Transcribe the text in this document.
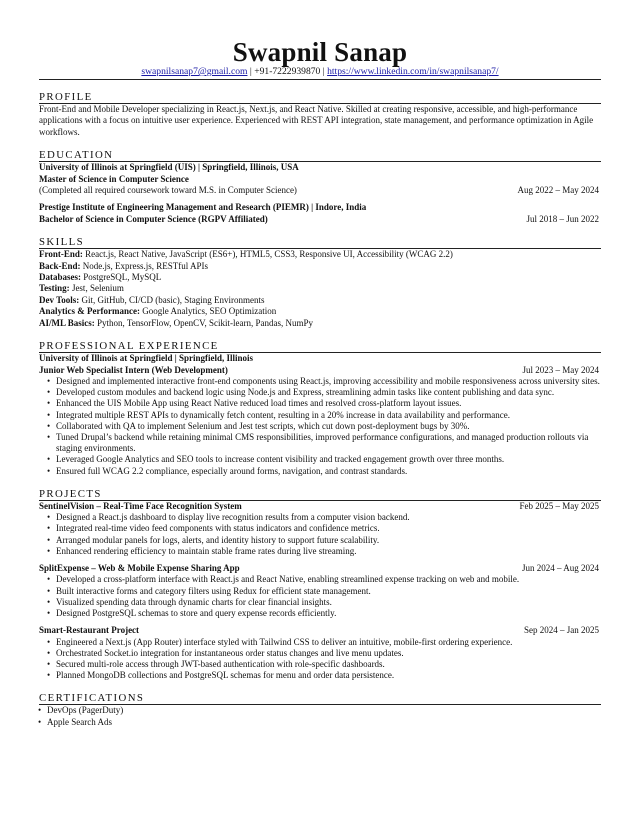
Swapnil Sanap
swapnilsanap7@gmail.com | +91-7222939870 | https://www.linkedin.com/in/swapnilsanap7/
PROFILE
Front-End and Mobile Developer specializing in React.js, Next.js, and React Native. Skilled at creating responsive, accessible, and high-performance applications with a focus on intuitive user experience. Experienced with REST API integration, state management, and performance optimization in Agile workflows.
EDUCATION
University of Illinois at Springfield (UIS) | Springfield, Illinois, USA
Master of Science in Computer Science
(Completed all required coursework toward M.S. in Computer Science)	Aug 2022 – May 2024
Prestige Institute of Engineering Management and Research (PIEMR) | Indore, India
Bachelor of Science in Computer Science (RGPV Affiliated)	Jul 2018 – Jun 2022
SKILLS
Front-End: React.js, React Native, JavaScript (ES6+), HTML5, CSS3, Responsive UI, Accessibility (WCAG 2.2)
Back-End: Node.js, Express.js, RESTful APIs
Databases: PostgreSQL, MySQL
Testing: Jest, Selenium
Dev Tools: Git, GitHub, CI/CD (basic), Staging Environments
Analytics & Performance: Google Analytics, SEO Optimization
AI/ML Basics: Python, TensorFlow, OpenCV, Scikit-learn, Pandas, NumPy
PROFESSIONAL EXPERIENCE
University of Illinois at Springfield | Springfield, Illinois
Junior Web Specialist Intern (Web Development)	Jul 2023 – May 2024
• Designed and implemented interactive front-end components using React.js, improving accessibility and mobile responsiveness across university sites.
• Developed custom modules and backend logic using Node.js and Express, streamlining admin tasks like content publishing and data sync.
• Enhanced the UIS Mobile App using React Native reduced load times and resolved cross-platform layout issues.
• Integrated multiple REST APIs to dynamically fetch content, resulting in a 20% increase in data availability and performance.
• Collaborated with QA to implement Selenium and Jest test scripts, which cut down post-deployment bugs by 30%.
• Tuned Drupal’s backend while retaining minimal CMS responsibilities, improved performance configurations, and managed production rollouts via staging environments.
• Leveraged Google Analytics and SEO tools to increase content visibility and tracked engagement growth over three months.
• Ensured full WCAG 2.2 compliance, especially around forms, navigation, and contrast standards.
PROJECTS
SentinelVision – Real-Time Face Recognition System	Feb 2025 – May 2025
• Designed a React.js dashboard to display live recognition results from a computer vision backend.
• Integrated real-time video feed components with status indicators and confidence metrics.
• Arranged modular panels for logs, alerts, and identity history to support future scalability.
• Enhanced rendering efficiency to maintain stable frame rates during live streaming.
SplitExpense – Web & Mobile Expense Sharing App	Jun 2024 – Aug 2024
• Developed a cross-platform interface with React.js and React Native, enabling streamlined expense tracking on web and mobile.
• Built interactive forms and category filters using Redux for efficient state management.
• Visualized spending data through dynamic charts for clear financial insights.
• Designed PostgreSQL schemas to store and query expense records efficiently.
Smart-Restaurant Project	Sep 2024 – Jan 2025
• Engineered a Next.js (App Router) interface styled with Tailwind CSS to deliver an intuitive, mobile-first ordering experience.
• Orchestrated Socket.io integration for instantaneous order status changes and live menu updates.
• Secured multi-role access through JWT-based authentication with role-specific dashboards.
• Planned MongoDB collections and PostgreSQL schemas for menu and order data persistence.
CERTIFICATIONS
• DevOps (PagerDuty)
• Apple Search Ads
